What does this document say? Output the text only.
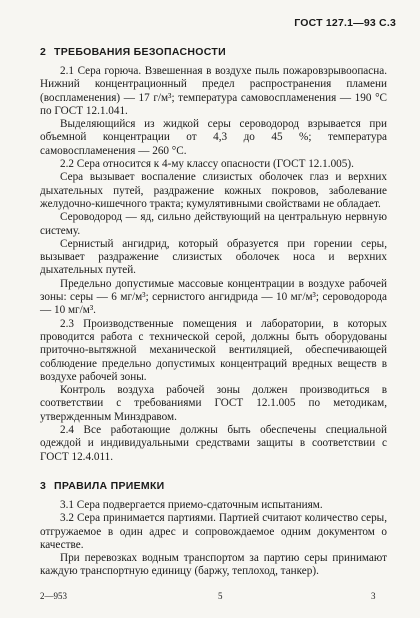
ГОСТ 127.1—93 С.3
2 ТРЕБОВАНИЯ БЕЗОПАСНОСТИ

2.1 Сера горюча. Взвешенная в воздухе пыль пожаровзрывоопасна. Нижний концентрационный предел распространения пламени (воспламенения) — 17 г/м³; температура самовоспламенения — 190 °С по ГОСТ 12.1.041.

Выделяющийся из жидкой серы сероводород взрывается при объемной концентрации от 4,3 до 45 %; температура самовоспламенения — 260 °С.

2.2 Сера относится к 4-му классу опасности (ГОСТ 12.1.005).

Сера вызывает воспаление слизистых оболочек глаз и верхних дыхательных путей, раздражение кожных покровов, заболевание желудочно-кишечного тракта; кумулятивными свойствами не обладает.

Сероводород — яд, сильно действующий на центральную нервную систему.

Сернистый ангидрид, который образуется при горении серы, вызывает раздражение слизистых оболочек носа и верхних дыхательных путей.

Предельно допустимые массовые концентрации в воздухе рабочей зоны: серы — 6 мг/м³; сернистого ангидрида — 10 мг/м³; сероводорода — 10 мг/м³.

2.3 Производственные помещения и лаборатории, в которых проводится работа с технической серой, должны быть оборудованы приточно-вытяжной механической вентиляцией, обеспечивающей соблюдение предельно допустимых концентраций вредных веществ в воздухе рабочей зоны.

Контроль воздуха рабочей зоны должен производиться в соответствии с требованиями ГОСТ 12.1.005 по методикам, утвержденным Минздравом.

2.4 Все работающие должны быть обеспечены специальной одеждой и индивидуальными средствами защиты в соответствии с ГОСТ 12.4.011.

3 ПРАВИЛА ПРИЕМКИ

3.1 Сера подвергается приемо-сдаточным испытаниям.

3.2 Сера принимается партиями. Партией считают количество серы, отгружаемое в один адрес и сопровождаемое одним документом о качестве.

При перевозках водным транспортом за партию серы принимают каждую транспортную единицу (баржу, теплоход, танкер).

2—953	5	3
